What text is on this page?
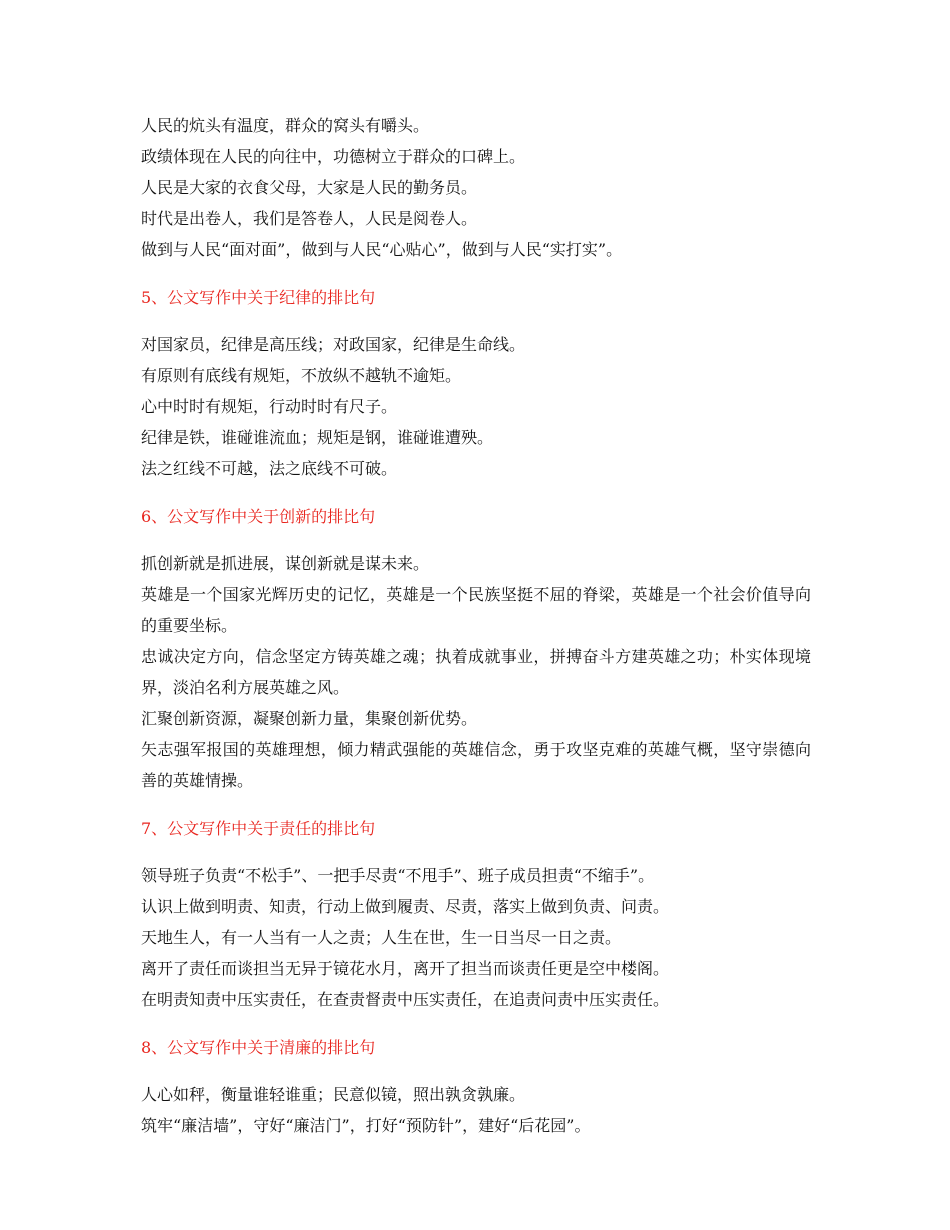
人民的炕头有温度，群众的窝头有嚼头。
政绩体现在人民的向往中，功德树立于群众的口碑上。
人民是大家的衣食父母，大家是人民的勤务员。
时代是出卷人，我们是答卷人，人民是阅卷人。
做到与人民“面对面”，做到与人民“心贴心”，做到与人民“实打实”。
5、公文写作中关于纪律的排比句
对国家员，纪律是高压线；对政国家，纪律是生命线。
有原则有底线有规矩，不放纵不越轨不逾矩。
心中时时有规矩，行动时时有尺子。
纪律是铁，谁碰谁流血；规矩是钢，谁碰谁遭殃。
法之红线不可越，法之底线不可破。
6、公文写作中关于创新的排比句
抓创新就是抓进展，谋创新就是谋未来。
英雄是一个国家光辉历史的记忆，英雄是一个民族坚挺不屈的脊梁，英雄是一个社会价值导向的重要坐标。
忠诚决定方向，信念坚定方铸英雄之魂；执着成就事业，拼搏奋斗方建英雄之功；朴实体现境界，淡泊名利方展英雄之风。
汇聚创新资源，凝聚创新力量，集聚创新优势。
矢志强军报国的英雄理想，倾力精武强能的英雄信念，勇于攻坚克难的英雄气概，坚守崇德向善的英雄情操。
7、公文写作中关于责任的排比句
领导班子负责“不松手”、一把手尽责“不甩手”、班子成员担责“不缩手”。
认识上做到明责、知责，行动上做到履责、尽责，落实上做到负责、问责。
天地生人，有一人当有一人之责；人生在世，生一日当尽一日之责。
离开了责任而谈担当无异于镜花水月，离开了担当而谈责任更是空中楼阁。
在明责知责中压实责任，在查责督责中压实责任，在追责问责中压实责任。
8、公文写作中关于清廉的排比句
人心如秤，衡量谁轻谁重；民意似镜，照出孰贪孰廉。
筑牢“廉洁墙”，守好“廉洁门”，打好“预防针”，建好“后花园”。
